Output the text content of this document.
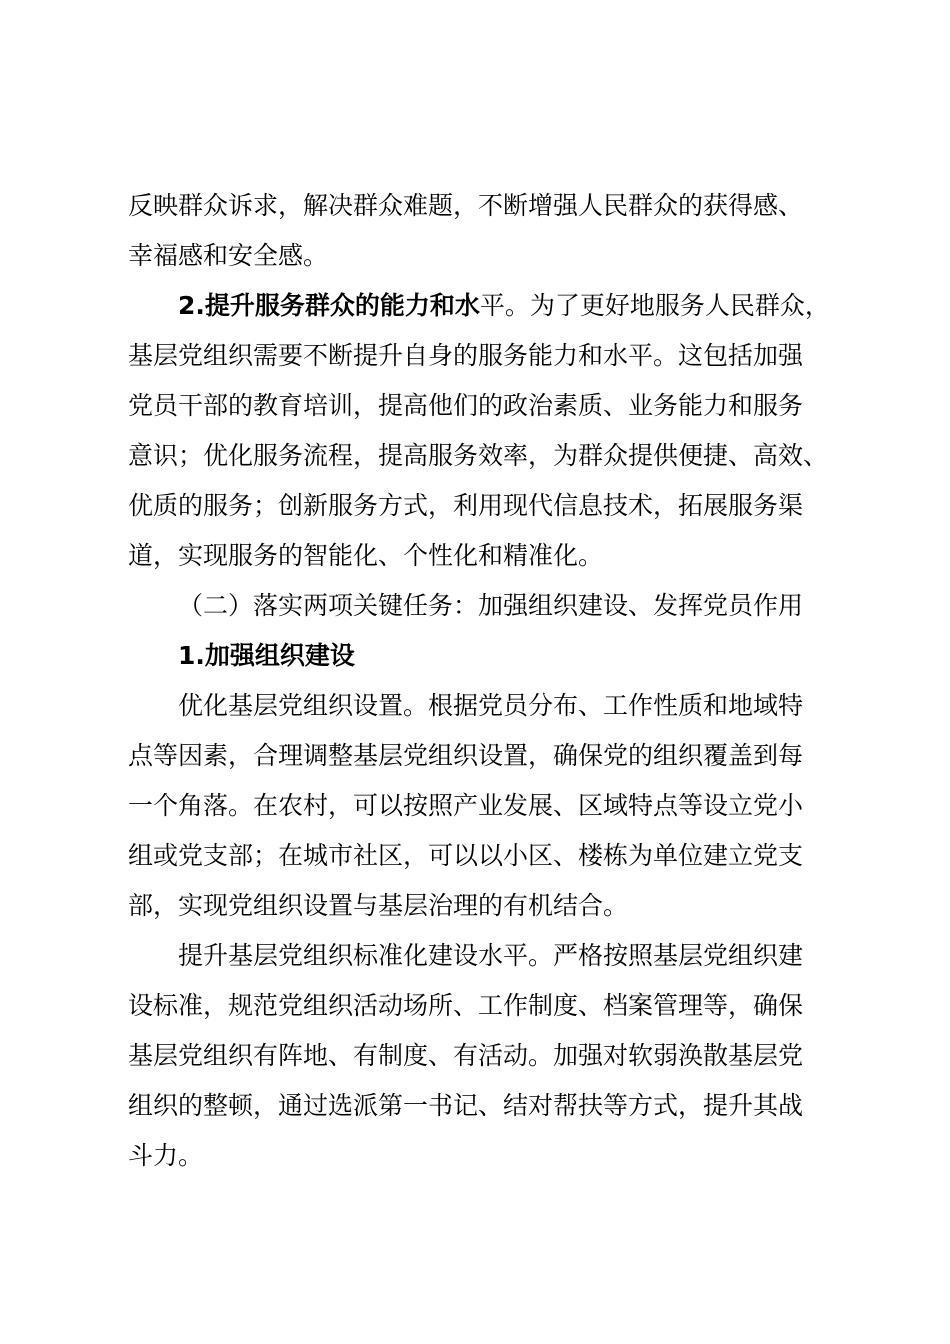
反映群众诉求，解决群众难题，不断增强人民群众的获得感、

幸福感和安全感。

2.提升服务群众的能力和水平。为了更好地服务人民群众，

基层党组织需要不断提升自身的服务能力和水平。这包括加强

党员干部的教育培训，提高他们的政治素质、业务能力和服务

意识；优化服务流程，提高服务效率，为群众提供便捷、高效、

优质的服务；创新服务方式，利用现代信息技术，拓展服务渠

道，实现服务的智能化、个性化和精准化。

（二）落实两项关键任务：加强组织建设、发挥党员作用

1.加强组织建设

优化基层党组织设置。根据党员分布、工作性质和地域特

点等因素，合理调整基层党组织设置，确保党的组织覆盖到每

一个角落。在农村，可以按照产业发展、区域特点等设立党小

组或党支部；在城市社区，可以以小区、楼栋为单位建立党支

部，实现党组织设置与基层治理的有机结合。

提升基层党组织标准化建设水平。严格按照基层党组织建

设标准，规范党组织活动场所、工作制度、档案管理等，确保

基层党组织有阵地、有制度、有活动。加强对软弱涣散基层党

组织的整顿，通过选派第一书记、结对帮扶等方式，提升其战

斗力。
